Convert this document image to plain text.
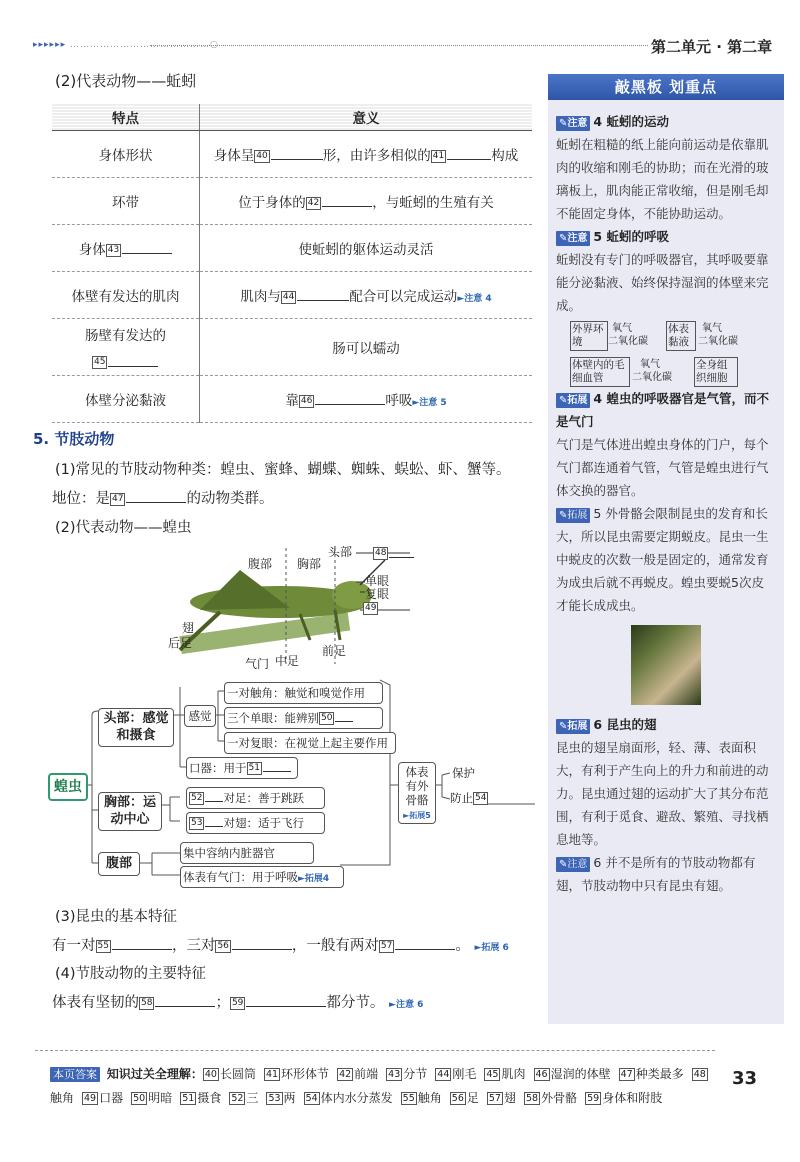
▸▸▸▸▸▸ ……………………………………○	第二单元 · 第二章
(2)代表动物——蚯蚓
特点	意义
身体形状	身体呈 40 形，由许多相似的 41 构成
环带	位于身体的 42 ，与蚯蚓的生殖有关
身体 43	使蚯蚓的躯体运动灵活
体壁有发达的肌肉	肌肉与 44 配合可以完成运动►注意 4

肠壁有发达的
45	肠可以蠕动
体壁分泌黏液	靠 46 呼吸►注意 5
5. 节肢动物
(1)常见的节肢动物种类：蝗虫、蜜蜂、蝴蝶、蜘蛛、蜈蚣、虾、蟹等。
地位：是 47	的动物类群。
(2)代表动物——蝗虫
腹部 胸部
头部	48
单眼
复眼
49
翅
后足
气门 中足
前足
蝗虫
头部：感觉和摄食
感觉
一对触角：触觉和嗅觉作用
三个单眼：能辨别 50
一对复眼：在视觉上起主要作用
口器：用于 51
胸部：运动中心
52 对足：善于跳跃
53 对翅：适于飞行
腹部
集中容纳内脏器官
体表有气门：用于呼吸►拓展4
体表有外骨骼
►拓展5
保护
防止 54
(3)昆虫的基本特征
有一对 55	，三对 56	，一般有两对 57	。 ►拓展 6
(4)节肢动物的主要特征
体表有坚韧的 58	； 59	都分节。 ►注意 6
敲黑板 划重点
✎注意 4 蚯蚓的运动

蚯蚓在粗糙的纸上能向前运动是依靠肌肉的收缩和刚毛的协助；而在光滑的玻璃板上，肌肉能正常收缩，但是刚毛却不能固定身体，不能协助运动。

✎注意 5 蚯蚓的呼吸

蚯蚓没有专门的呼吸器官，其呼吸要靠能分泌黏液、始终保持湿润的体壁来完成。

外界环境
氧气
二氧化碳
体表黏液
氧气
二氧化碳
体壁内的毛细血管
氧气
二氧化碳
全身组织细胞
✎拓展 4 蝗虫的呼吸器官是气管，而不是气门

气门是气体进出蝗虫身体的门户，每个气门都连通着气管，气管是蝗虫进行气体交换的器官。

✎拓展 5 外骨骼会限制昆虫的发育和长大，所以昆虫需要定期蜕皮。昆虫一生中蜕皮的次数一般是固定的，通常发育为成虫后就不再蜕皮。蝗虫要蜕5次皮才能长成成虫。

✎拓展 6 昆虫的翅

昆虫的翅呈扇面形，轻、薄、表面积大，有利于产生向上的升力和前进的动力。昆虫通过翅的运动扩大了其分布范围，有利于觅食、避敌、繁殖、寻找栖息地等。

✎注意 6 并不是所有的节肢动物都有翅，节肢动物中只有昆虫有翅。

本页答案 知识过关全理解： 40 长圆筒 41 环形体节 42 前端 43 分节 44 刚毛 45 肌肉 46 湿润的体壁 47 种类最多 48触角 49 口器 50 明暗 51 摄食 52 三 53 两 54 体内水分蒸发 55 触角 56 足 57 翅 58 外骨骼 59 身体和附肢
33
